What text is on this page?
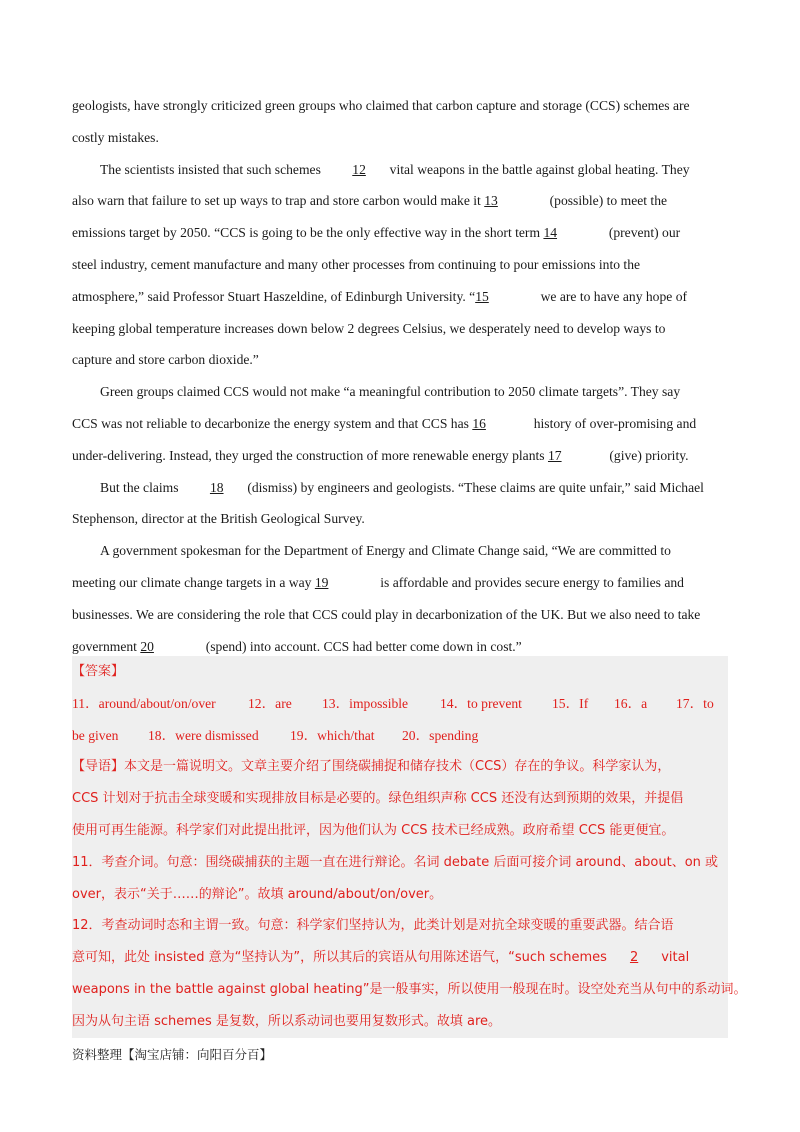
geologists, have strongly criticized green groups who claimed that carbon capture and storage (CCS) schemes are

costly mistakes.

The scientists insisted that such schemes 12 vital weapons in the battle against global heating. They

also warn that failure to set up ways to trap and store carbon would make it 13	(possible) to meet the

emissions target by 2050. “CCS is going to be the only effective way in the short term 14	(prevent) our

steel industry, cement manufacture and many other processes from continuing to pour emissions into the

atmosphere,” said Professor Stuart Haszeldine, of Edinburgh University. “15	we are to have any hope of

keeping global temperature increases down below 2 degrees Celsius, we desperately need to develop ways to

capture and store carbon dioxide.”

Green groups claimed CCS would not make “a meaningful contribution to 2050 climate targets”. They say

CCS was not reliable to decarbonize the energy system and that CCS has 16	history of over-promising and

under-delivering. Instead, they urged the construction of more renewable energy plants 17	(give) priority.

But the claims 18 (dismiss) by engineers and geologists. “These claims are quite unfair,” said Michael

Stephenson, director at the British Geological Survey.

A government spokesman for the Department of Energy and Climate Change said, “We are committed to

meeting our climate change targets in a way 19	is affordable and provides secure energy to families and

businesses. We are considering the role that CCS could play in decarbonization of the UK. But we also need to take

government 20	(spend) into account. CCS had better come down in cost.”

【答案】

11．around/about/on/over 12．are 13．impossible 14．to prevent 15．If 16．a 17．to

be given 18．were dismissed 19．which/that 20．spending

【导语】本文是一篇说明文。文章主要介绍了围绕碳捕捉和储存技术（CCS）存在的争议。科学家认为，

CCS 计划对于抗击全球变暖和实现排放目标是必要的。绿色组织声称 CCS 还没有达到预期的效果，并提倡

使用可再生能源。科学家们对此提出批评，因为他们认为 CCS 技术已经成熟。政府希望 CCS 能更便宜。

11．考查介词。句意：围绕碳捕获的主题一直在进行辩论。名词 debate 后面可接介词 around、about、on 或

over，表示“关于……的辩论”。故填 around/about/on/over。

12．考查动词时态和主谓一致。句意：科学家们坚持认为，此类计划是对抗全球变暖的重要武器。结合语

意可知，此处 insisted 意为“坚持认为”，所以其后的宾语从句用陈述语气，“such schemes 2 vital

weapons in the battle against global heating”是一般事实，所以使用一般现在时。设空处充当从句中的系动词。

因为从句主语 schemes 是复数，所以系动词也要用复数形式。故填 are。

资料整理【淘宝店铺：向阳百分百】
